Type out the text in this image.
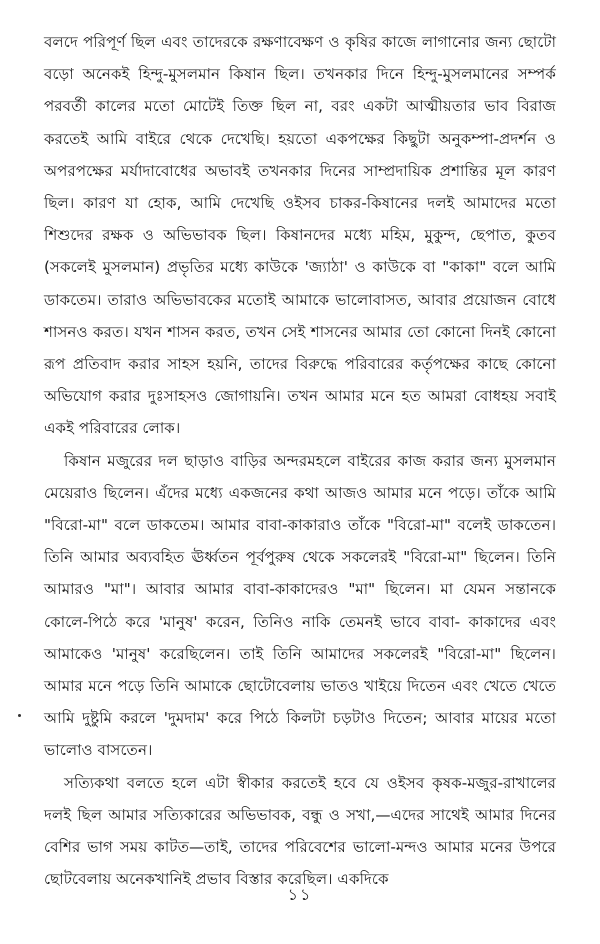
বলদে পরিপূর্ণ ছিল এবং তাদেরকে রক্ষণাবেক্ষণ ও কৃষির কাজে লাগানোর জন্য ছোটো বড়ো অনেকই হিন্দু-মুসলমান কিষান ছিল। তখনকার দিনে হিন্দু-মুসলমানের সম্পর্ক পরবর্তী কালের মতো মোটেই তিক্ত ছিল না, বরং একটা আত্মীয়তার ভাব বিরাজ করতেই আমি বাইরে থেকে দেখেছি। হয়তো একপক্ষের কিছুটা অনুকম্পা-প্রদর্শন ও অপরপক্ষের মর্যাদাবোধের অভাবই তখনকার দিনের সাম্প্রদায়িক প্রশান্তির মূল কারণ ছিল। কারণ যা হোক, আমি দেখেছি ওইসব চাকর-কিষানের দলই আমাদের মতো শিশুদের রক্ষক ও অভিভাবক ছিল। কিষানদের মধ্যে মহিম, মুকুন্দ, ছেপাত, কুতব (সকলেই মুসলমান) প্রভৃতির মধ্যে কাউকে 'জ্যাঠা' ও কাউকে বা "কাকা" বলে আমি ডাকতেম। তারাও অভিভাবকের মতোই আমাকে ভালোবাসত, আবার প্রয়োজন বোধে শাসনও করত। যখন শাসন করত, তখন সেই শাসনের আমার তো কোনো দিনই কোনো রূপ প্রতিবাদ করার সাহস হয়নি, তাদের বিরুদ্ধে পরিবারের কর্তৃপক্ষের কাছে কোনো অভিযোগ করার দুঃসাহসও জোগায়নি। তখন আমার মনে হত আমরা বোধহয় সবাই একই পরিবারের লোক।

কিষান মজুরের দল ছাড়াও বাড়ির অন্দরমহলে বাইরের কাজ করার জন্য মুসলমান মেয়েরাও ছিলেন। এঁদের মধ্যে একজনের কথা আজও আমার মনে পড়ে। তাঁকে আমি "বিরো-মা" বলে ডাকতেম। আমার বাবা-কাকারাও তাঁকে "বিরো-মা" বলেই ডাকতেন। তিনি আমার অব্যবহিত ঊর্ধ্বতন পূর্বপুরুষ থেকে সকলেরই "বিরো-মা" ছিলেন। তিনি আমারও "মা"। আবার আমার বাবা-কাকাদেরও "মা" ছিলেন। মা যেমন সন্তানকে কোলে-পিঠে করে 'মানুষ' করেন, তিনিও নাকি তেমনই ভাবে বাবা- কাকাদের এবং আমাকেও 'মানুষ' করেছিলেন। তাই তিনি আমাদের সকলেরই "বিরো-মা" ছিলেন। আমার মনে পড়ে তিনি আমাকে ছোটোবেলায় ভাতও খাইয়ে দিতেন এবং খেতে খেতে আমি দুষ্টুমি করলে 'দুমদাম' করে পিঠে কিলটা চড়টাও দিতেন; আবার মায়ের মতো ভালোও বাসতেন।

সত্যিকথা বলতে হলে এটা স্বীকার করতেই হবে যে ওইসব কৃষক-মজুর-রাখালের দলই ছিল আমার সত্যিকারের অভিভাবক, বন্ধু ও সখা,—এদের সাথেই আমার দিনের বেশির ভাগ সময় কাটত—তাই, তাদের পরিবেশের ভালো-মন্দও আমার মনের উপরে ছোটবেলায় অনেকখানিই প্রভাব বিস্তার করেছিল। একদিকে

১১
